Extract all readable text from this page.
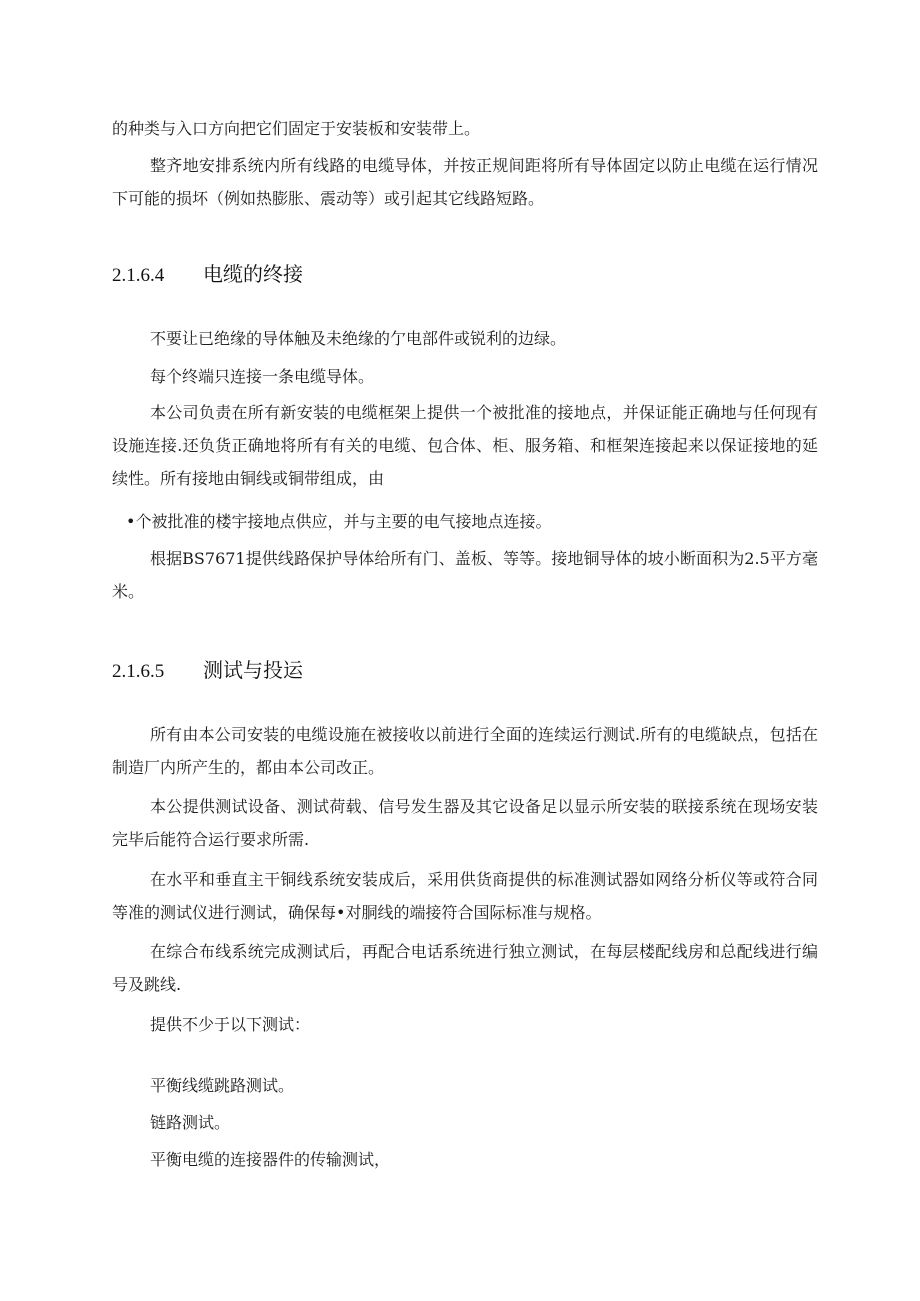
的种类与入口方向把它们固定于安装板和安装带上。

整齐地安排系统内所有线路的电缆导体，并按正规间距将所有导体固定以防止电缆在运行情况下可能的损坏（例如热膨胀、震动等）或引起其它线路短路。

2.1.6.4 电缆的终接

不要让已绝缘的导体触及未绝缘的亇电部件或锐利的边绿。

每个终端只连接一条电缆导体。

本公司负责在所有新安装的电缆框架上提供一个被批准的接地点，并保证能正确地与任何现有设施连接.还负货正确地将所有有关的电缆、包合体、柜、服务箱、和框架连接起来以保证接地的延续性。所有接地由铜线或铜带组成，由

•个被批准的楼宇接地点供应，并与主要的电气接地点连接。

根据BS7671提供线路保护导体给所有门、盖板、等等。接地铜导体的坡小断面积为2.5平方毫米。

2.1.6.5 测试与投运

所有由本公司安装的电缆设施在被接收以前进行全面的连续运行测试.所有的电缆缺点，包括在制造厂内所产生的，都由本公司改正。

本公提供测试设备、测试荷载、信号发生器及其它设备足以显示所安装的联接系统在现场安装完毕后能符合运行要求所需.

在水平和垂直主干铜线系统安装成后，采用供货商提供的标准测试器如网络分析仪等或符合同等准的测试仪进行测试，确保每•对胴线的端接符合国际标准与规格。

在综合布线系统完成测试后，再配合电话系统进行独立测试，在每层楼配线房和总配线进行编号及跳线.

提供不少于以下测试：

平衡线缆跳路测试。

链路测试。

平衡电缆的连接器件的传输测试，
